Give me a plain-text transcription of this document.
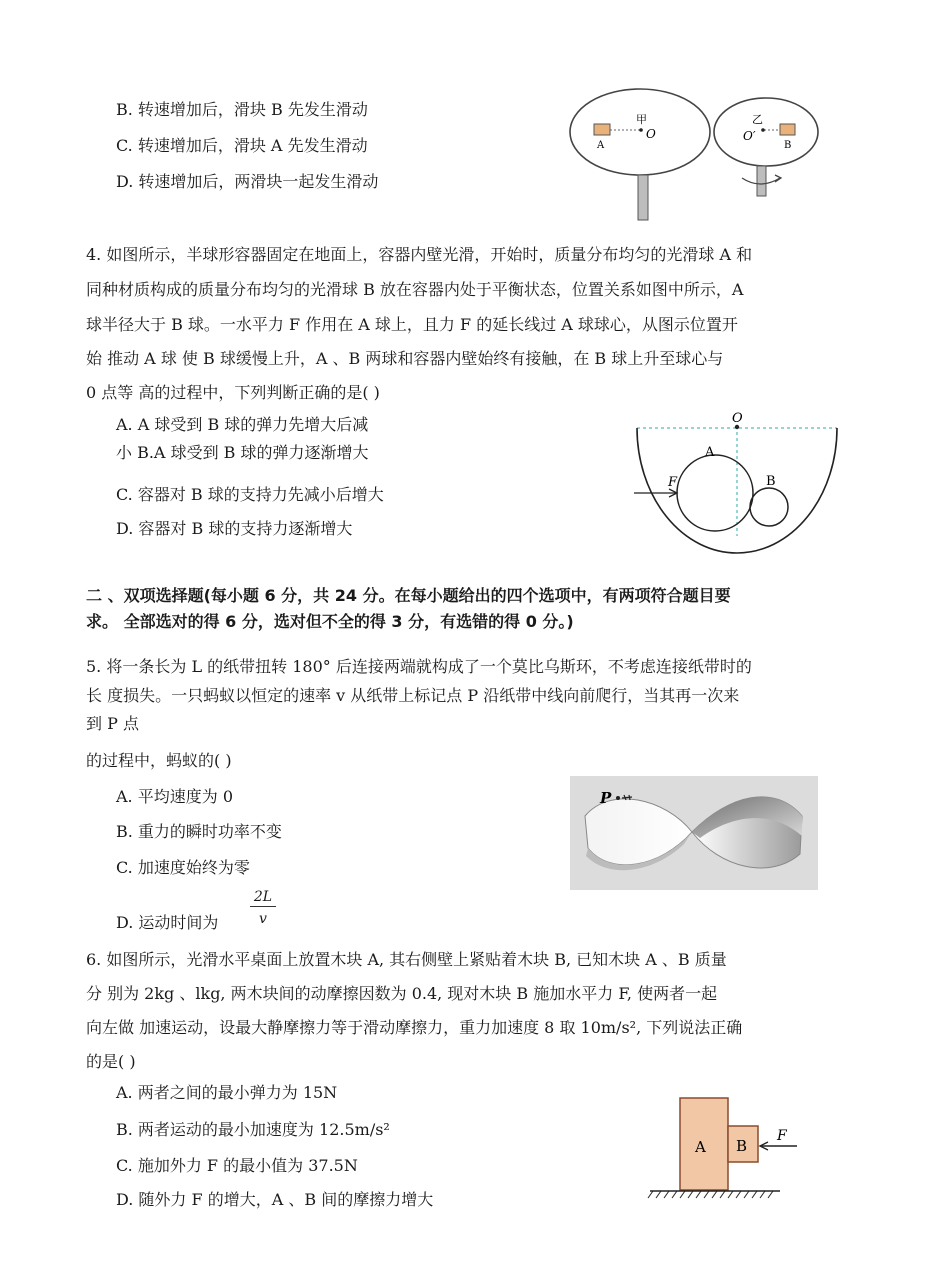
B. 转速增加后，滑块 B 先发生滑动
C. 转速增加后，滑块 A 先发生滑动
D. 转速增加后，两滑块一起发生滑动
甲
O
A
乙
O′
B
4. 如图所示，半球形容器固定在地面上，容器内壁光滑，开始时，质量分布均匀的光滑球 A 和
同种材质构成的质量分布均匀的光滑球 B 放在容器内处于平衡状态，位置关系如图中所示，A
球半径大于 B 球。一水平力 F 作用在 A 球上，且力 F 的延长线过 A 球球心，从图示位置开
始 推动 A 球 使 B 球缓慢上升，A 、B 两球和容器内壁始终有接触，在 B 球上升至球心与
0 点等 高的过程中，下列判断正确的是( )
A. A 球受到 B 球的弹力先增大后减
小 B.A 球受到 B 球的弹力逐渐增大
C. 容器对 B 球的支持力先减小后增大
D. 容器对 B 球的支持力逐渐增大
O
A
B
F
二 、双项选择题(每小题 6 分，共 24 分。在每小题给出的四个选项中，有两项符合题目要
求。 全部选对的得 6 分，选对但不全的得 3 分，有选错的得 0 分。)
5. 将一条长为 L 的纸带扭转 180° 后连接两端就构成了一个莫比乌斯环，不考虑连接纸带时的
长 度损失。一只蚂蚁以恒定的速率 v 从纸带上标记点 P 沿纸带中线向前爬行，当其再一次来
到 P 点
的过程中，蚂蚁的( )
A. 平均速度为 0
B. 重力的瞬时功率不变
C. 加速度始终为零
D. 运动时间为
2L
v
P
6. 如图所示，光滑水平桌面上放置木块 A, 其右侧壁上紧贴着木块 B, 已知木块 A 、B 质量
分 别为 2kg 、lkg, 两木块间的动摩擦因数为 0.4, 现对木块 B 施加水平力 F, 使两者一起
向左做 加速运动，设最大静摩擦力等于滑动摩擦力，重力加速度 8 取 10m/s², 下列说法正确
的是( )
A. 两者之间的最小弹力为 15N
B. 两者运动的最小加速度为 12.5m/s²
C. 施加外力 F 的最小值为 37.5N
D. 随外力 F 的增大，A 、B 间的摩擦力增大
A B
F
